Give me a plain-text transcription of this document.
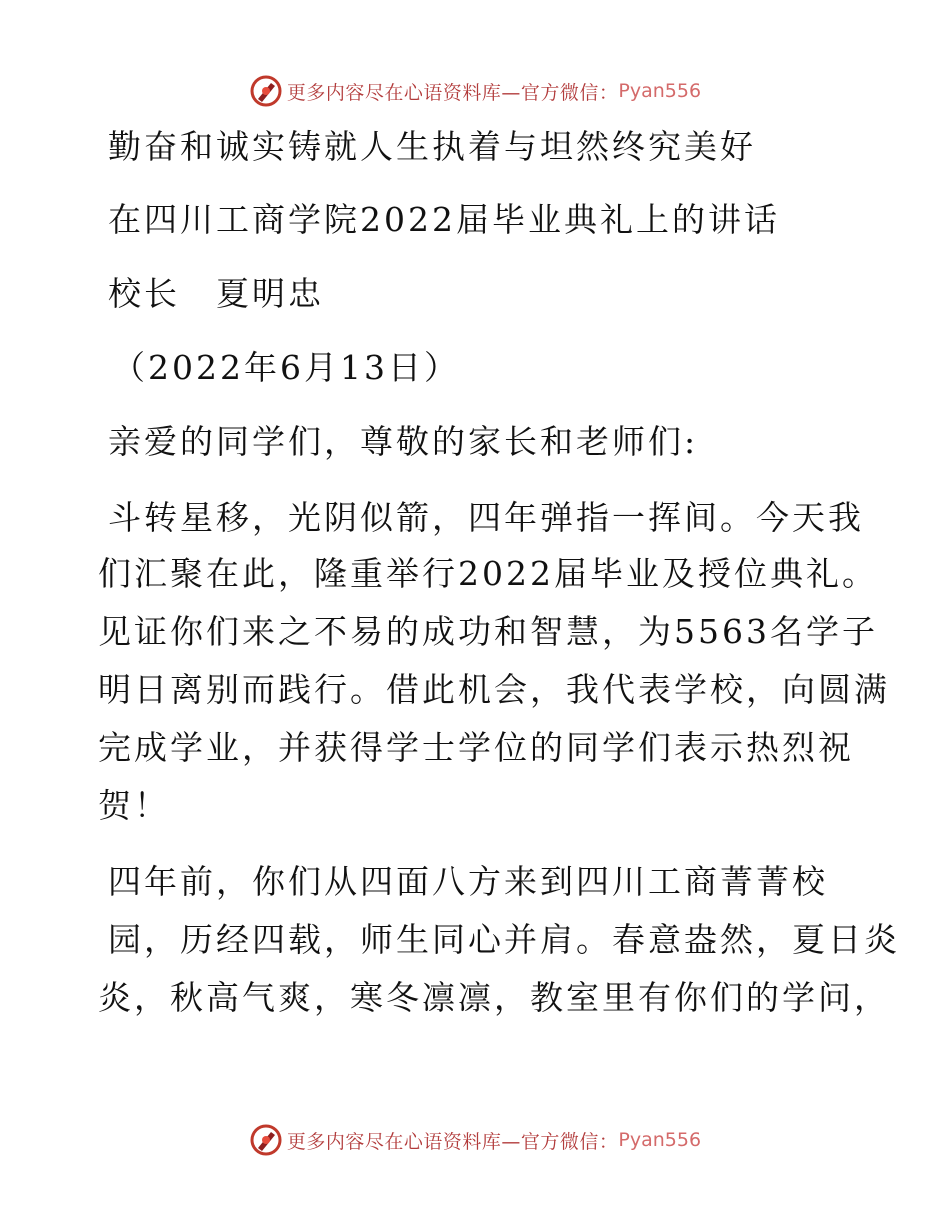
更多内容尽在心语资料库—官方微信： Pyan556
勤奋和诚实铸就人生执着与坦然终究美好
在四川工商学院2022届毕业典礼上的讲话
校长　夏明忠
（2022年6月13日）
亲爱的同学们，尊敬的家长和老师们:
斗转星移，光阴似箭，四年弹指一挥间。今天我
们汇聚在此，隆重举行2022届毕业及授位典礼。
见证你们来之不易的成功和智慧，为5563名学子
明日离别而践行。借此机会，我代表学校，向圆满
完成学业，并获得学士学位的同学们表示热烈祝
贺！
四年前，你们从四面八方来到四川工商菁菁校
园，历经四载，师生同心并肩。春意盎然，夏日炎
炎，秋高气爽，寒冬凛凛，教室里有你们的学问，
更多内容尽在心语资料库—官方微信： Pyan556
